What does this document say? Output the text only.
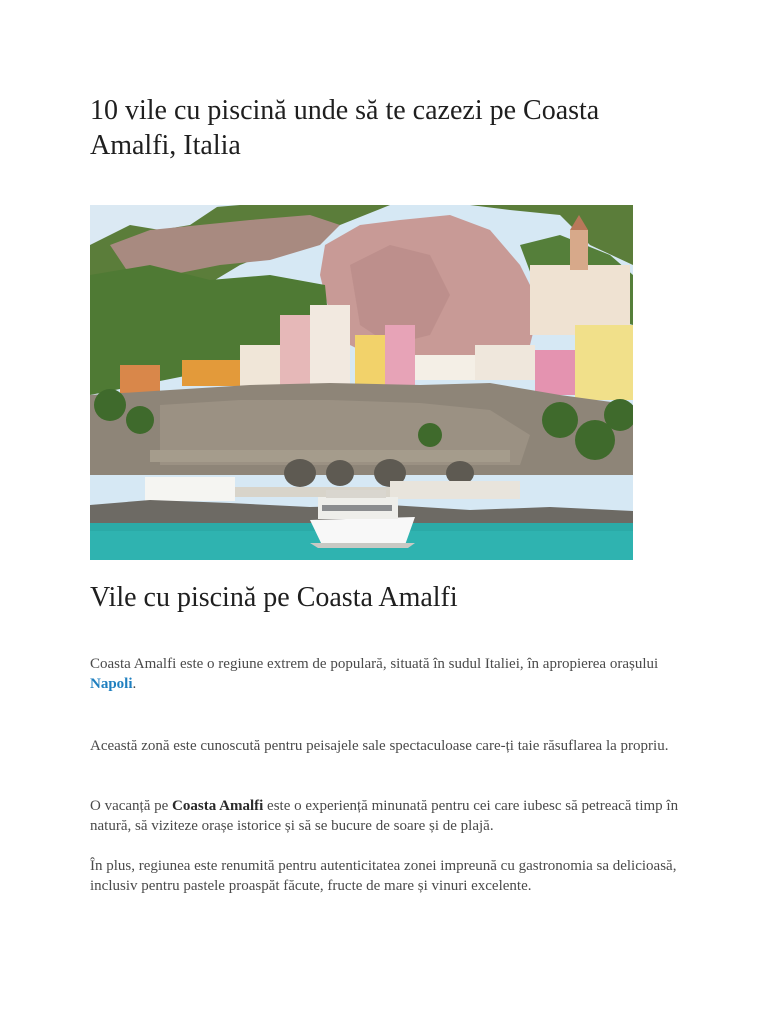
10 vile cu piscină unde să te cazezi pe Coasta Amalfi, Italia
Vile cu piscină pe Coasta Amalfi

Coasta Amalfi este o regiune extrem de populară, situată în sudul Italiei, în apropierea orașului Napoli.

Această zonă este cunoscută pentru peisajele sale spectaculoase care-ți taie răsuflarea la propriu.

O vacanță pe Coasta Amalfi este o experiență minunată pentru cei care iubesc să petreacă timp în natură, să viziteze orașe istorice și să se bucure de soare și de plajă.

În plus, regiunea este renumită pentru autenticitatea zonei impreună cu gastronomia sa delicioasă, inclusiv pentru pastele proaspăt făcute, fructe de mare și vinuri excelente.
